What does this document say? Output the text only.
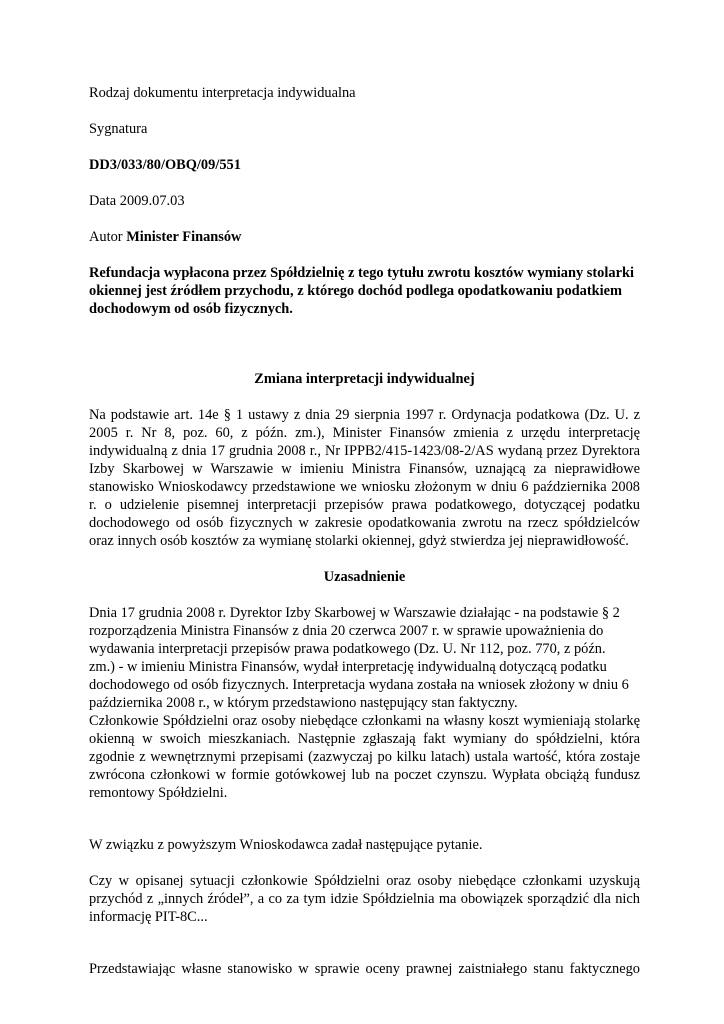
Rodzaj dokumentu interpretacja indywidualna

Sygnatura

DD3/033/80/OBQ/09/551

Data 2009.07.03

Autor Minister Finansów

Refundacja wypłacona przez Spółdzielnię z tego tytułu zwrotu kosztów wymiany stolarki okiennej jest źródłem przychodu, z którego dochód podlega opodatkowaniu podatkiem dochodowym od osób fizycznych.

Zmiana interpretacji indywidualnej

Na podstawie art. 14e § 1 ustawy z dnia 29 sierpnia 1997 r. Ordynacja podatkowa (Dz. U. z 2005 r. Nr 8, poz. 60, z późn. zm.), Minister Finansów zmienia z urzędu interpretację indywidualną z dnia 17 grudnia 2008 r., Nr IPPB2/415-1423/08-2/AS wydaną przez Dyrektora Izby Skarbowej w Warszawie w imieniu Ministra Finansów, uznającą za nieprawidłowe stanowisko Wnioskodawcy przedstawione we wniosku złożonym w dniu 6 października 2008 r. o udzielenie pisemnej interpretacji przepisów prawa podatkowego, dotyczącej podatku dochodowego od osób fizycznych w zakresie opodatkowania zwrotu na rzecz spółdzielców oraz innych osób kosztów za wymianę stolarki okiennej, gdyż stwierdza jej nieprawidłowość.

Uzasadnienie

Dnia 17 grudnia 2008 r. Dyrektor Izby Skarbowej w Warszawie działając - na podstawie § 2
rozporządzenia Ministra Finansów z dnia 20 czerwca 2007 r. w sprawie upoważnienia do
wydawania interpretacji przepisów prawa podatkowego (Dz. U. Nr 112, poz. 770, z późn.
zm.) - w imieniu Ministra Finansów, wydał interpretację indywidualną dotyczącą podatku
dochodowego od osób fizycznych. Interpretacja wydana została na wniosek złożony w dniu 6
października 2008 r., w którym przedstawiono następujący stan faktyczny.

Członkowie Spółdzielni oraz osoby niebędące członkami na własny koszt wymieniają stolarkę okienną w swoich mieszkaniach. Następnie zgłaszają fakt wymiany do spółdzielni, która zgodnie z wewnętrznymi przepisami (zazwyczaj po kilku latach) ustala wartość, która zostaje zwrócona członkowi w formie gotówkowej lub na poczet czynszu. Wypłata obciążą fundusz remontowy Spółdzielni.

W związku z powyższym Wnioskodawca zadał następujące pytanie.

Czy w opisanej sytuacji członkowie Spółdzielni oraz osoby niebędące członkami uzyskują przychód z „innych źródeł”, a co za tym idzie Spółdzielnia ma obowiązek sporządzić dla nich informację PIT-8C...

Przedstawiając własne stanowisko w sprawie oceny prawnej zaistniałego stanu faktycznego
